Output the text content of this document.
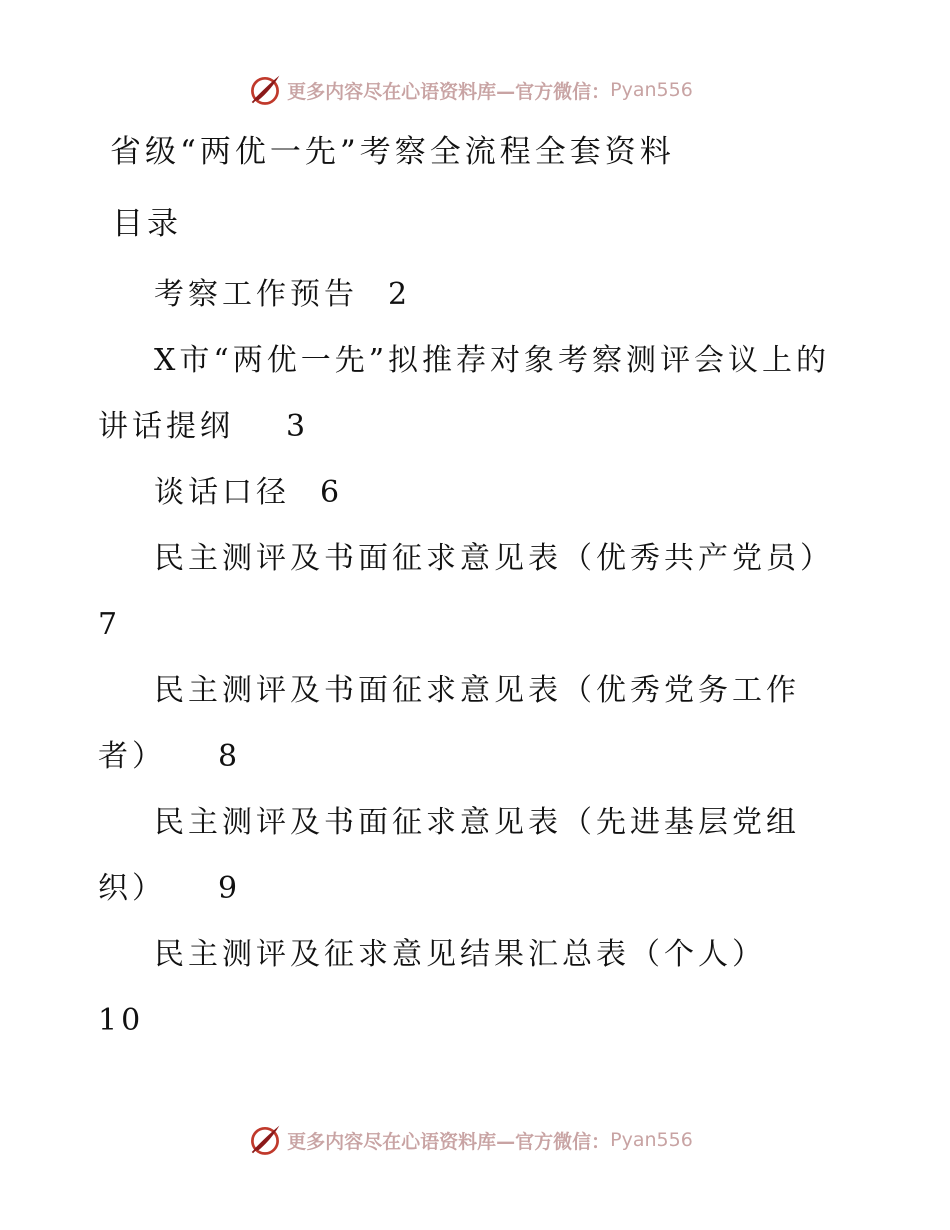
更多内容尽在心语资料库—官方微信： Pyan556
省级“两优一先”考察全流程全套资料
目录
考察工作预告 2
X市“两优一先”拟推荐对象考察测评会议上的讲话提纲 3
谈话口径 6
民主测评及书面征求意见表（优秀共产党员）
7
民主测评及书面征求意见表（优秀党务工作者） 8
民主测评及书面征求意见表（先进基层党组织） 9
民主测评及征求意见结果汇总表（个人）
10
更多内容尽在心语资料库—官方微信： Pyan556
